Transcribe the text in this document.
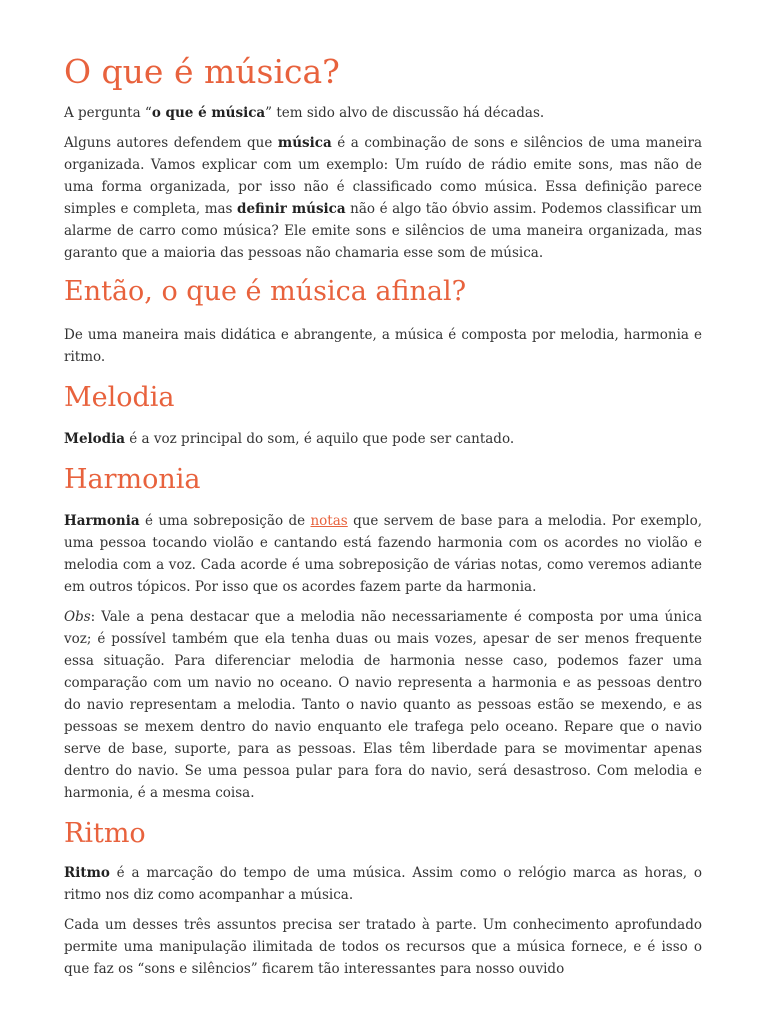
O que é música?

A pergunta “o que é música” tem sido alvo de discussão há décadas.

Alguns autores defendem que música é a combinação de sons e silêncios de uma maneira organizada. Vamos explicar com um exemplo: Um ruído de rádio emite sons, mas não de uma forma organizada, por isso não é classificado como música. Essa definição parece simples e completa, mas definir música não é algo tão óbvio assim. Podemos classificar um alarme de carro como música? Ele emite sons e silêncios de uma maneira organizada, mas garanto que a maioria das pessoas não chamaria esse som de música.

Então, o que é música afinal?

De uma maneira mais didática e abrangente, a música é composta por melodia, harmonia e ritmo.

Melodia

Melodia é a voz principal do som, é aquilo que pode ser cantado.

Harmonia

Harmonia é uma sobreposição de notas que servem de base para a melodia. Por exemplo, uma pessoa tocando violão e cantando está fazendo harmonia com os acordes no violão e melodia com a voz. Cada acorde é uma sobreposição de várias notas, como veremos adiante em outros tópicos. Por isso que os acordes fazem parte da harmonia.

Obs: Vale a pena destacar que a melodia não necessariamente é composta por uma única voz; é possível também que ela tenha duas ou mais vozes, apesar de ser menos frequente essa situação. Para diferenciar melodia de harmonia nesse caso, podemos fazer uma comparação com um navio no oceano. O navio representa a harmonia e as pessoas dentro do navio representam a melodia. Tanto o navio quanto as pessoas estão se mexendo, e as pessoas se mexem dentro do navio enquanto ele trafega pelo oceano. Repare que o navio serve de base, suporte, para as pessoas. Elas têm liberdade para se movimentar apenas dentro do navio. Se uma pessoa pular para fora do navio, será desastroso. Com melodia e harmonia, é a mesma coisa.

Ritmo

Ritmo é a marcação do tempo de uma música. Assim como o relógio marca as horas, o ritmo nos diz como acompanhar a música.

Cada um desses três assuntos precisa ser tratado à parte. Um conhecimento aprofundado permite uma manipulação ilimitada de todos os recursos que a música fornece, e é isso o que faz os “sons e silêncios” ficarem tão interessantes para nosso ouvido
